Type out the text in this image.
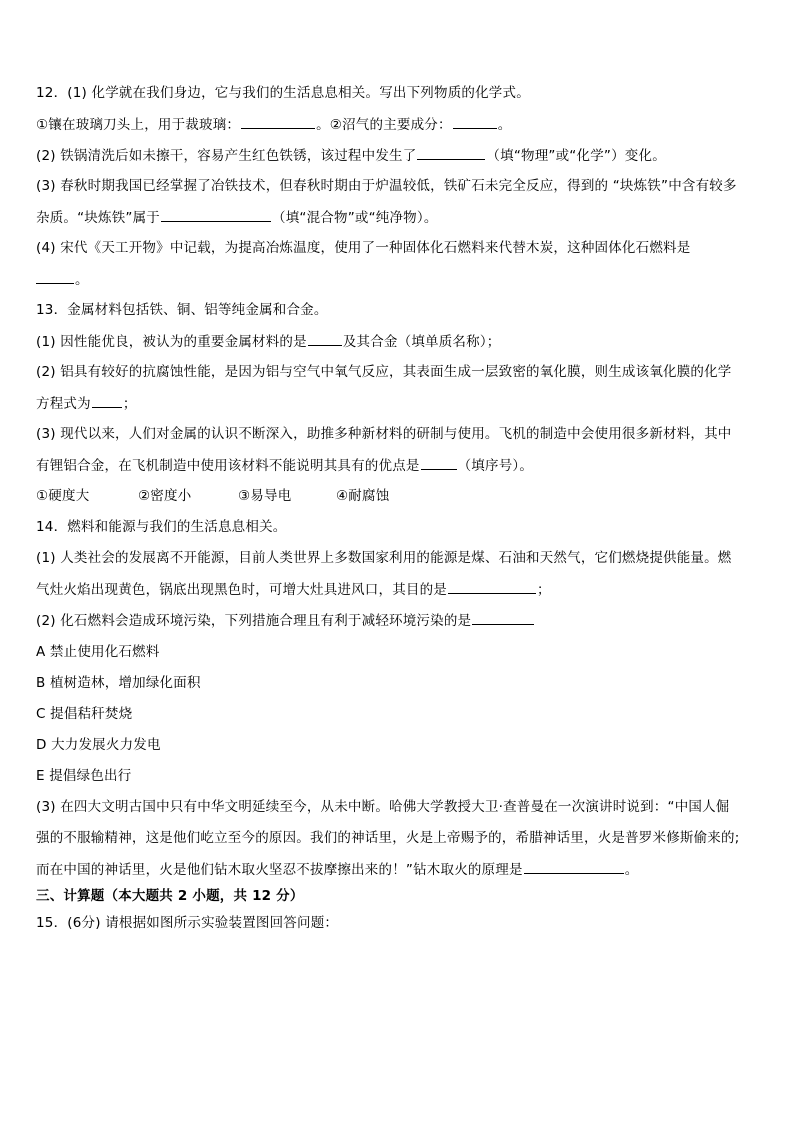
12．(1) 化学就在我们身边，它与我们的生活息息相关。写出下列物质的化学式。
①镶在玻璃刀头上，用于裁玻璃：	。②沼气的主要成分：	。
(2) 铁锅清洗后如未擦干，容易产生红色铁锈，该过程中发生了	（填“物理”或“化学”）变化。
(3) 春秋时期我国已经掌握了冶铁技术，但春秋时期由于炉温较低，铁矿石未完全反应，得到的 “块炼铁”中含有较多
杂质。“块炼铁”属于	（填“混合物”或“纯净物）。
(4) 宋代《天工开物》中记载，为提高冶炼温度，使用了一种固体化石燃料来代替木炭，这种固体化石燃料是
。
13．金属材料包括铁、铜、铝等纯金属和合金。
(1) 因性能优良，被认为的重要金属材料的是	及其合金（填单质名称）；
(2) 铝具有较好的抗腐蚀性能，是因为铝与空气中氧气反应，其表面生成一层致密的氧化膜，则生成该氧化膜的化学
方程式为 ；
(3) 现代以来，人们对金属的认识不断深入，助推多种新材料的研制与使用。飞机的制造中会使用很多新材料，其中
有锂铝合金，在飞机制造中使用该材料不能说明其具有的优点是	（填序号）。
①硬度大	②密度小	③易导电	④耐腐蚀
14．燃料和能源与我们的生活息息相关。
(1) 人类社会的发展离不开能源，目前人类世界上多数国家利用的能源是煤、石油和天然气，它们燃烧提供能量。燃
气灶火焰出现黄色，锅底出现黑色时，可增大灶具进风口，其目的是	；
(2) 化石燃料会造成环境污染，下列措施合理且有利于减轻环境污染的是
A 禁止使用化石燃料
B 植树造林，增加绿化面积
C 提倡秸秆焚烧
D 大力发展火力发电
E 提倡绿色出行
(3) 在四大文明古国中只有中华文明延续至今，从未中断。哈佛大学教授大卫·查普曼在一次演讲时说到：“中国人倔
强的不服输精神，这是他们屹立至今的原因。我们的神话里，火是上帝赐予的，希腊神话里，火是普罗米修斯偷来的;
而在中国的神话里，火是他们钻木取火坚忍不拔摩擦出来的！”钻木取火的原理是	。
三、计算题（本大题共 2 小题，共 12 分）
15．(6分) 请根据如图所示实验装置图回答问题：
